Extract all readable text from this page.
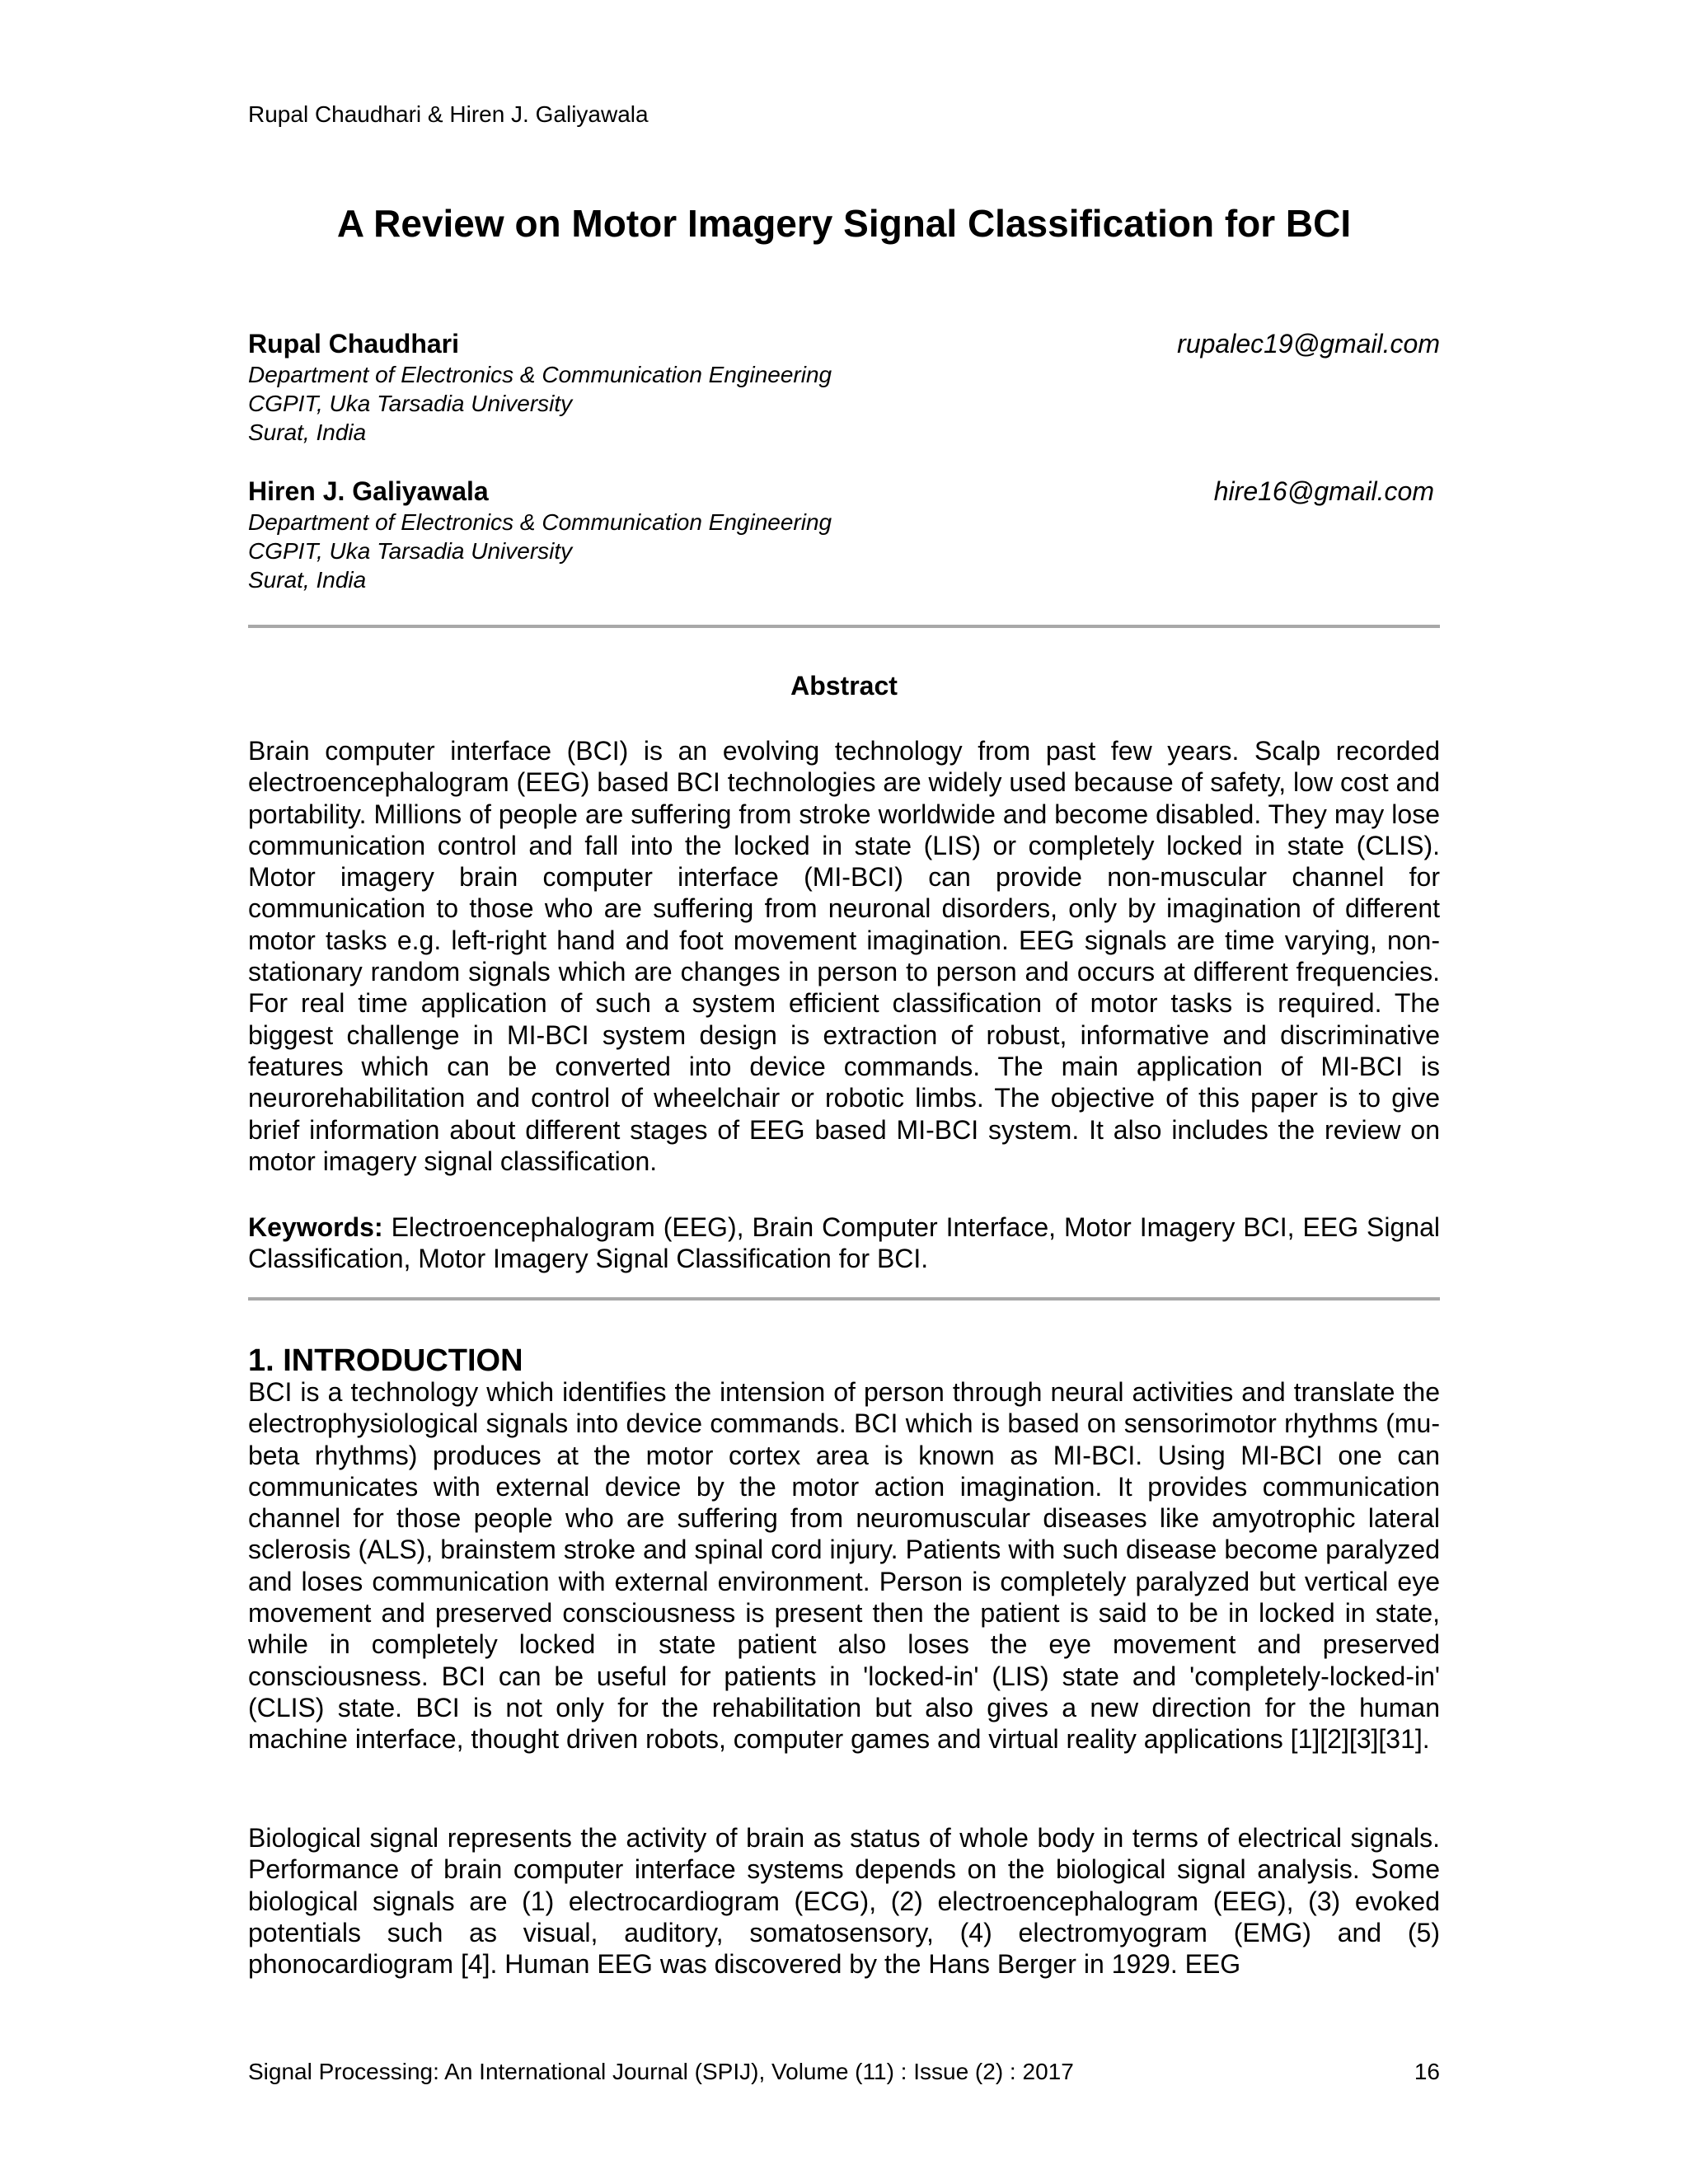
Rupal Chaudhari & Hiren J. Galiyawala
A Review on Motor Imagery Signal Classification for BCI
Rupal Chaudhari	rupalec19@gmail.com
Department of Electronics & Communication Engineering
CGPIT, Uka Tarsadia University
Surat, India
Hiren J. Galiyawala	hire16@gmail.com
Department of Electronics & Communication Engineering
CGPIT, Uka Tarsadia University
Surat, India
Abstract

Brain computer interface (BCI) is an evolving technology from past few years. Scalp recorded electroencephalogram (EEG) based BCI technologies are widely used because of safety, low cost and portability. Millions of people are suffering from stroke worldwide and become disabled. They may lose communication control and fall into the locked in state (LIS) or completely locked in state (CLIS). Motor imagery brain computer interface (MI-BCI) can provide non-muscular channel for communication to those who are suffering from neuronal disorders, only by imagination of different motor tasks e.g. left-right hand and foot movement imagination. EEG signals are time varying, non-stationary random signals which are changes in person to person and occurs at different frequencies. For real time application of such a system efficient classification of motor tasks is required. The biggest challenge in MI-BCI system design is extraction of robust, informative and discriminative features which can be converted into device commands. The main application of MI-BCI is neurorehabilitation and control of wheelchair or robotic limbs. The objective of this paper is to give brief information about different stages of EEG based MI-BCI system. It also includes the review on motor imagery signal classification.

Keywords: Electroencephalogram (EEG), Brain Computer Interface, Motor Imagery BCI, EEG Signal Classification, Motor Imagery Signal Classification for BCI.

1. INTRODUCTION

BCI is a technology which identifies the intension of person through neural activities and translate the electrophysiological signals into device commands. BCI which is based on sensorimotor rhythms (mu-beta rhythms) produces at the motor cortex area is known as MI-BCI. Using MI-BCI one can communicates with external device by the motor action imagination. It provides communication channel for those people who are suffering from neuromuscular diseases like amyotrophic lateral sclerosis (ALS), brainstem stroke and spinal cord injury. Patients with such disease become paralyzed and loses communication with external environment. Person is completely paralyzed but vertical eye movement and preserved consciousness is present then the patient is said to be in locked in state, while in completely locked in state patient also loses the eye movement and preserved consciousness. BCI can be useful for patients in 'locked-in' (LIS) state and 'completely-locked-in' (CLIS) state. BCI is not only for the rehabilitation but also gives a new direction for the human machine interface, thought driven robots, computer games and virtual reality applications [1][2][3][31].

Biological signal represents the activity of brain as status of whole body in terms of electrical signals. Performance of brain computer interface systems depends on the biological signal analysis. Some biological signals are (1) electrocardiogram (ECG), (2) electroencephalogram (EEG), (3) evoked potentials such as visual, auditory, somatosensory, (4) electromyogram (EMG) and (5) phonocardiogram [4]. Human EEG was discovered by the Hans Berger in 1929. EEG

Signal Processing: An International Journal (SPIJ), Volume (11) : Issue (2) : 2017	16
